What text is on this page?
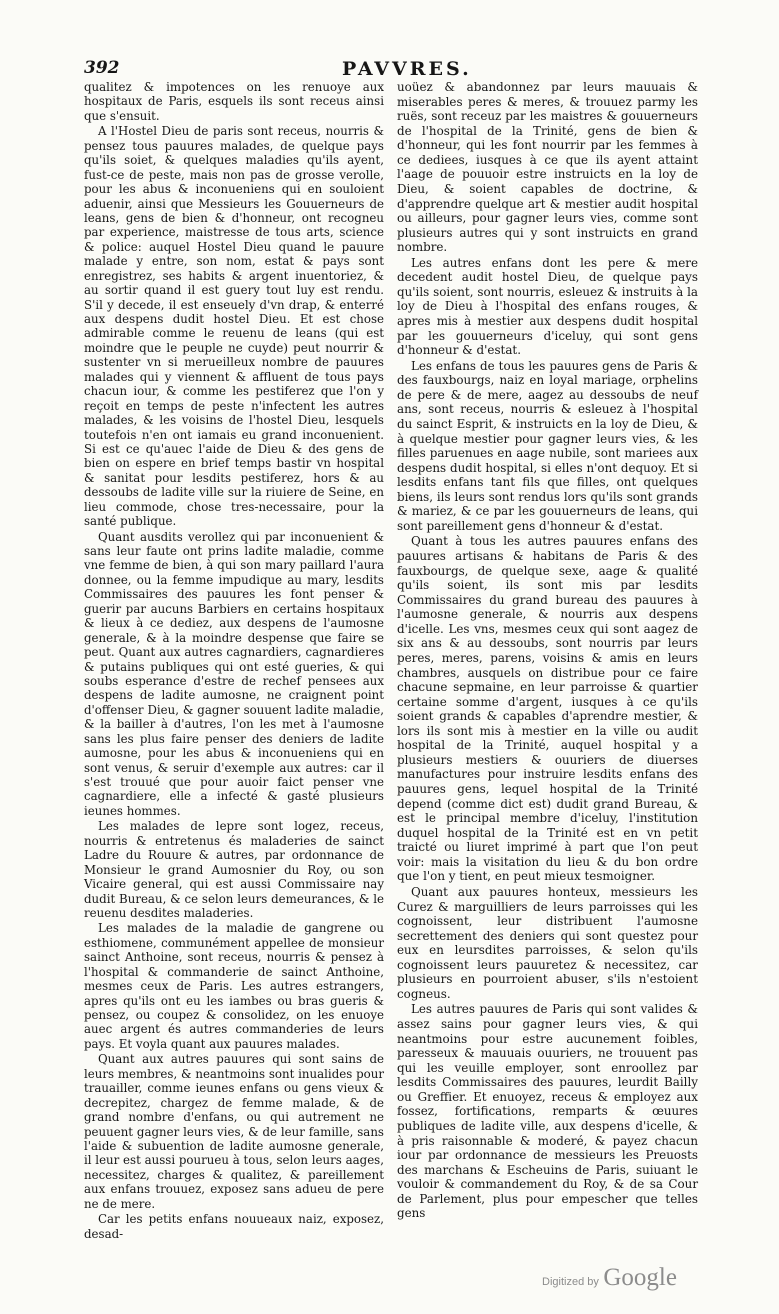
392	PAVVRES.

qualitez & impotences on les renuoye aux hospitaux de Paris, esquels ils sont receus ainsi que s'ensuit.

A l'Hostel Dieu de paris sont receus, nourris & pensez tous pauures malades, de quelque pays qu'ils soiet, & quelques maladies qu'ils ayent, fust-ce de peste, mais non pas de grosse verolle, pour les abus & inconueniens qui en souloient aduenir, ainsi que Messieurs les Gouuerneurs de leans, gens de bien & d'honneur, ont recogneu par experience, maistresse de tous arts, science & police: auquel Hostel Dieu quand le pauure malade y entre, son nom, estat & pays sont enregistrez, ses habits & argent inuentoriez, & au sortir quand il est guery tout luy est rendu. S'il y decede, il est enseuely d'vn drap, & enterré aux despens dudit hostel Dieu. Et est chose admirable comme le reuenu de leans (qui est moindre que le peuple ne cuyde) peut nourrir & sustenter vn si merueilleux nombre de pauures malades qui y viennent & affluent de tous pays chacun iour, & comme les pestiferez que l'on y reçoit en temps de peste n'infectent les autres malades, & les voisins de l'hostel Dieu, lesquels toutefois n'en ont iamais eu grand inconuenient. Si est ce qu'auec l'aide de Dieu & des gens de bien on espere en brief temps bastir vn hospital & sanitat pour lesdits pestiferez, hors & au dessoubs de ladite ville sur la riuiere de Seine, en lieu commode, chose tres-necessaire, pour la santé publique.

Quant ausdits verollez qui par inconuenient & sans leur faute ont prins ladite maladie, comme vne femme de bien, à qui son mary paillard l'aura donnee, ou la femme impudique au mary, lesdits Commissaires des pauures les font penser & guerir par aucuns Barbiers en certains hospitaux & lieux à ce dediez, aux despens de l'aumosne generale, & à la moindre despense que faire se peut. Quant aux autres cagnardiers, cagnardieres & putains publiques qui ont esté gueries, & qui soubs esperance d'estre de rechef pensees aux despens de ladite aumosne, ne craignent point d'offenser Dieu, & gagner souuent ladite maladie, & la bailler à d'autres, l'on les met à l'aumosne sans les plus faire penser des deniers de ladite aumosne, pour les abus & inconueniens qui en sont venus, & seruir d'exemple aux autres: car il s'est trouué que pour auoir faict penser vne cagnardiere, elle a infecté & gasté plusieurs ieunes hommes.

Les malades de lepre sont logez, receus, nourris & entretenus és maladeries de sainct Ladre du Rouure & autres, par ordonnance de Monsieur le grand Aumosnier du Roy, ou son Vicaire general, qui est aussi Commissaire nay dudit Bureau, & ce selon leurs demeurances, & le reuenu desdites maladeries.

Les malades de la maladie de gangrene ou esthiomene, communément appellee de monsieur sainct Anthoine, sont receus, nourris & pensez à l'hospital & commanderie de sainct Anthoine, mesmes ceux de Paris. Les autres estrangers, apres qu'ils ont eu les iambes ou bras gueris & pensez, ou coupez & consolidez, on les enuoye auec argent és autres commanderies de leurs pays. Et voyla quant aux pauures malades.

Quant aux autres pauures qui sont sains de leurs membres, & neantmoins sont inualides pour trauailler, comme ieunes enfans ou gens vieux & decrepitez, chargez de femme malade, & de grand nombre d'enfans, ou qui autrement ne peuuent gagner leurs vies, & de leur famille, sans l'aide & subuention de ladite aumosne generale, il leur est aussi pourueu à tous, selon leurs aages, necessitez, charges & qualitez, & pareillement aux enfans trouuez, exposez sans adueu de pere ne de mere.

Car les petits enfans nouueaux naiz, exposez, desad-

uoüez & abandonnez par leurs mauuais & miserables peres & meres, & trouuez parmy les ruës, sont receuz par les maistres & gouuerneurs de l'hospital de la Trinité, gens de bien & d'honneur, qui les font nourrir par les femmes à ce dediees, iusques à ce que ils ayent attaint l'aage de pouuoir estre instruicts en la loy de Dieu, & soient capables de doctrine, & d'apprendre quelque art & mestier audit hospital ou ailleurs, pour gagner leurs vies, comme sont plusieurs autres qui y sont instruicts en grand nombre.

Les autres enfans dont les pere & mere decedent audit hostel Dieu, de quelque pays qu'ils soient, sont nourris, esleuez & instruits à la loy de Dieu à l'hospital des enfans rouges, & apres mis à mestier aux despens dudit hospital par les gouuerneurs d'iceluy, qui sont gens d'honneur & d'estat.

Les enfans de tous les pauures gens de Paris & des fauxbourgs, naiz en loyal mariage, orphelins de pere & de mere, aagez au dessoubs de neuf ans, sont receus, nourris & esleuez à l'hospital du sainct Esprit, & instruicts en la loy de Dieu, & à quelque mestier pour gagner leurs vies, & les filles paruenues en aage nubile, sont mariees aux despens dudit hospital, si elles n'ont dequoy. Et si lesdits enfans tant fils que filles, ont quelques biens, ils leurs sont rendus lors qu'ils sont grands & mariez, & ce par les gouuerneurs de leans, qui sont pareillement gens d'honneur & d'estat.

Quant à tous les autres pauures enfans des pauures artisans & habitans de Paris & des fauxbourgs, de quelque sexe, aage & qualité qu'ils soient, ils sont mis par lesdits Commissaires du grand bureau des pauures à l'aumosne generale, & nourris aux despens d'icelle. Les vns, mesmes ceux qui sont aagez de six ans & au dessoubs, sont nourris par leurs peres, meres, parens, voisins & amis en leurs chambres, ausquels on distribue pour ce faire chacune sepmaine, en leur parroisse & quartier certaine somme d'argent, iusques à ce qu'ils soient grands & capables d'aprendre mestier, & lors ils sont mis à mestier en la ville ou audit hospital de la Trinité, auquel hospital y a plusieurs mestiers & ouuriers de diuerses manufactures pour instruire lesdits enfans des pauures gens, lequel hospital de la Trinité depend (comme dict est) dudit grand Bureau, & est le principal membre d'iceluy, l'institution duquel hospital de la Trinité est en vn petit traicté ou liuret imprimé à part que l'on peut voir: mais la visitation du lieu & du bon ordre que l'on y tient, en peut mieux tesmoigner.

Quant aux pauures honteux, messieurs les Curez & marguilliers de leurs parroisses qui les cognoissent, leur distribuent l'aumosne secrettement des deniers qui sont questez pour eux en leursdites parroisses, & selon qu'ils cognoissent leurs pauuretez & necessitez, car plusieurs en pourroient abuser, s'ils n'estoient cogneus.

Les autres pauures de Paris qui sont valides & assez sains pour gagner leurs vies, & qui neantmoins pour estre aucunement foibles, paresseux & mauuais ouuriers, ne trouuent pas qui les veuille employer, sont enroollez par lesdits Commissaires des pauures, leurdit Bailly ou Greffier. Et enuoyez, receus & employez aux fossez, fortifications, remparts & œuures publiques de ladite ville, aux despens d'icelle, & à pris raisonnable & moderé, & payez chacun iour par ordonnance de messieurs les Preuosts des marchans & Escheuins de Paris, suiuant le vouloir & commandement du Roy, & de sa Cour de Parlement, plus pour empescher que telles gens

Digitized by Google
